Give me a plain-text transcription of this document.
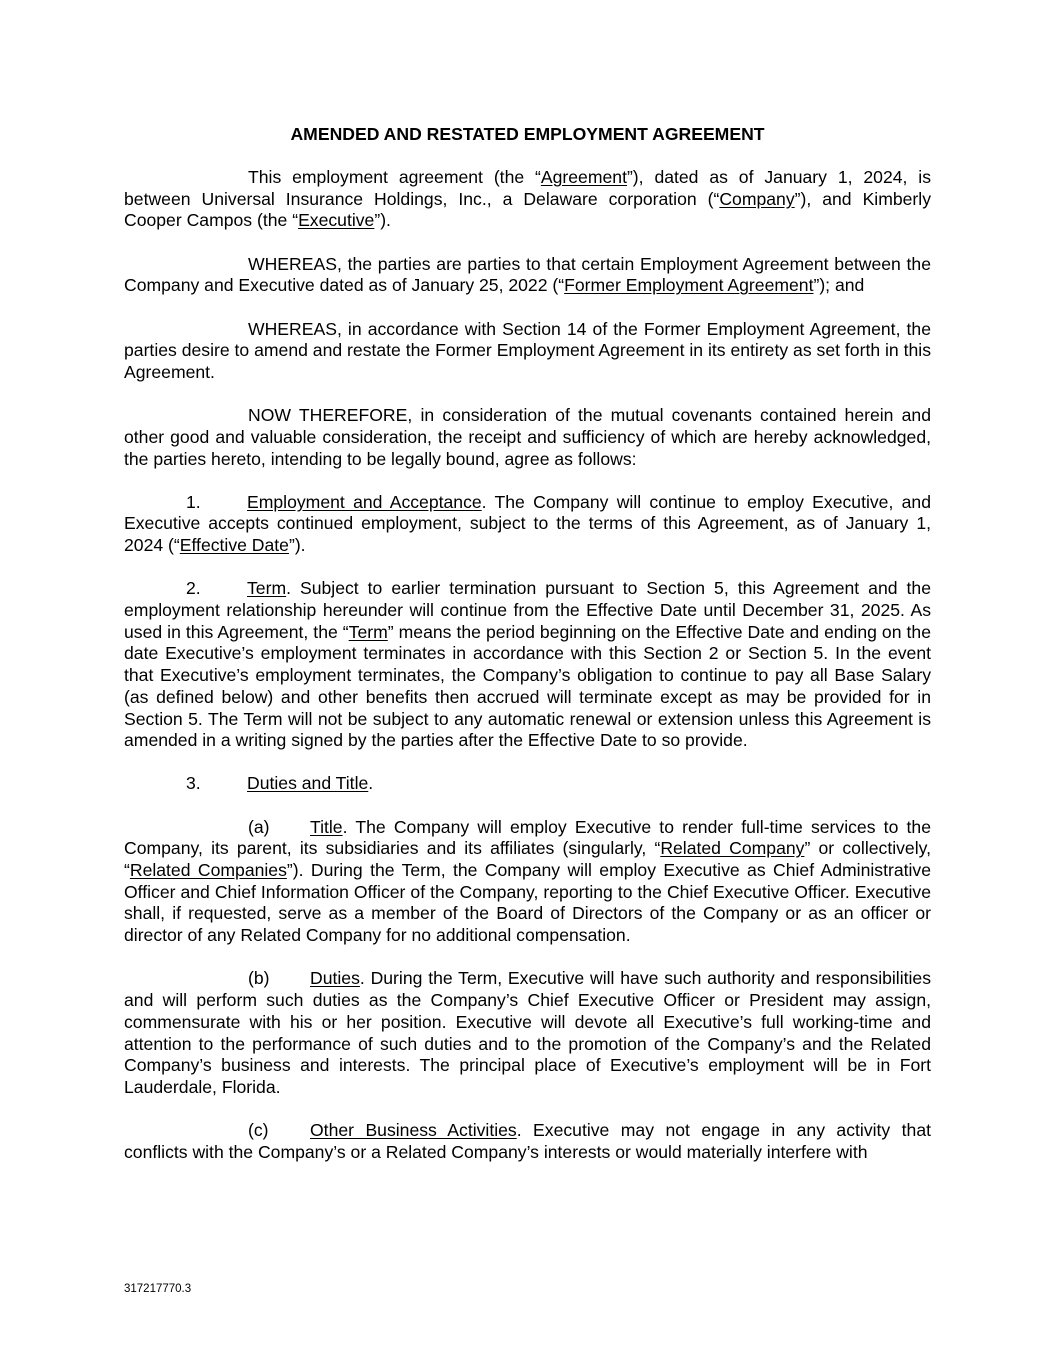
AMENDED AND RESTATED EMPLOYMENT AGREEMENT

This employment agreement (the “Agreement”), dated as of January 1, 2024, is between Universal Insurance Holdings, Inc., a Delaware corporation (“Company”), and Kimberly Cooper Campos (the “Executive”).

WHEREAS, the parties are parties to that certain Employment Agreement between the Company and Executive dated as of January 25, 2022 (“Former Employment Agreement”); and

WHEREAS, in accordance with Section 14 of the Former Employment Agreement, the parties desire to amend and restate the Former Employment Agreement in its entirety as set forth in this Agreement.

NOW THEREFORE, in consideration of the mutual covenants contained herein and other good and valuable consideration, the receipt and sufficiency of which are hereby acknowledged, the parties hereto, intending to be legally bound, agree as follows:

1.	Employment and Acceptance. The Company will continue to employ Executive, and Executive accepts continued employment, subject to the terms of this Agreement, as of January 1, 2024 (“Effective Date”).

2.	Term. Subject to earlier termination pursuant to Section 5, this Agreement and the employment relationship hereunder will continue from the Effective Date until December 31, 2025. As used in this Agreement, the “Term” means the period beginning on the Effective Date and ending on the date Executive’s employment terminates in accordance with this Section 2 or Section 5. In the event that Executive’s employment terminates, the Company’s obligation to continue to pay all Base Salary (as defined below) and other benefits then accrued will terminate except as may be provided for in Section 5. The Term will not be subject to any automatic renewal or extension unless this Agreement is amended in a writing signed by the parties after the Effective Date to so provide.

3.	Duties and Title.

(a) Title. The Company will employ Executive to render full-time services to the Company, its parent, its subsidiaries and its affiliates (singularly, “Related Company” or collectively, “Related Companies”). During the Term, the Company will employ Executive as Chief Administrative Officer and Chief Information Officer of the Company, reporting to the Chief Executive Officer. Executive shall, if requested, serve as a member of the Board of Directors of the Company or as an officer or director of any Related Company for no additional compensation.

(b) Duties. During the Term, Executive will have such authority and responsibilities and will perform such duties as the Company’s Chief Executive Officer or President may assign, commensurate with his or her position. Executive will devote all Executive’s full working-time and attention to the performance of such duties and to the promotion of the Company’s and the Related Company’s business and interests. The principal place of Executive’s employment will be in Fort Lauderdale, Florida.

(c) Other Business Activities. Executive may not engage in any activity that conflicts with the Company’s or a Related Company’s interests or would materially interfere with

317217770.3
